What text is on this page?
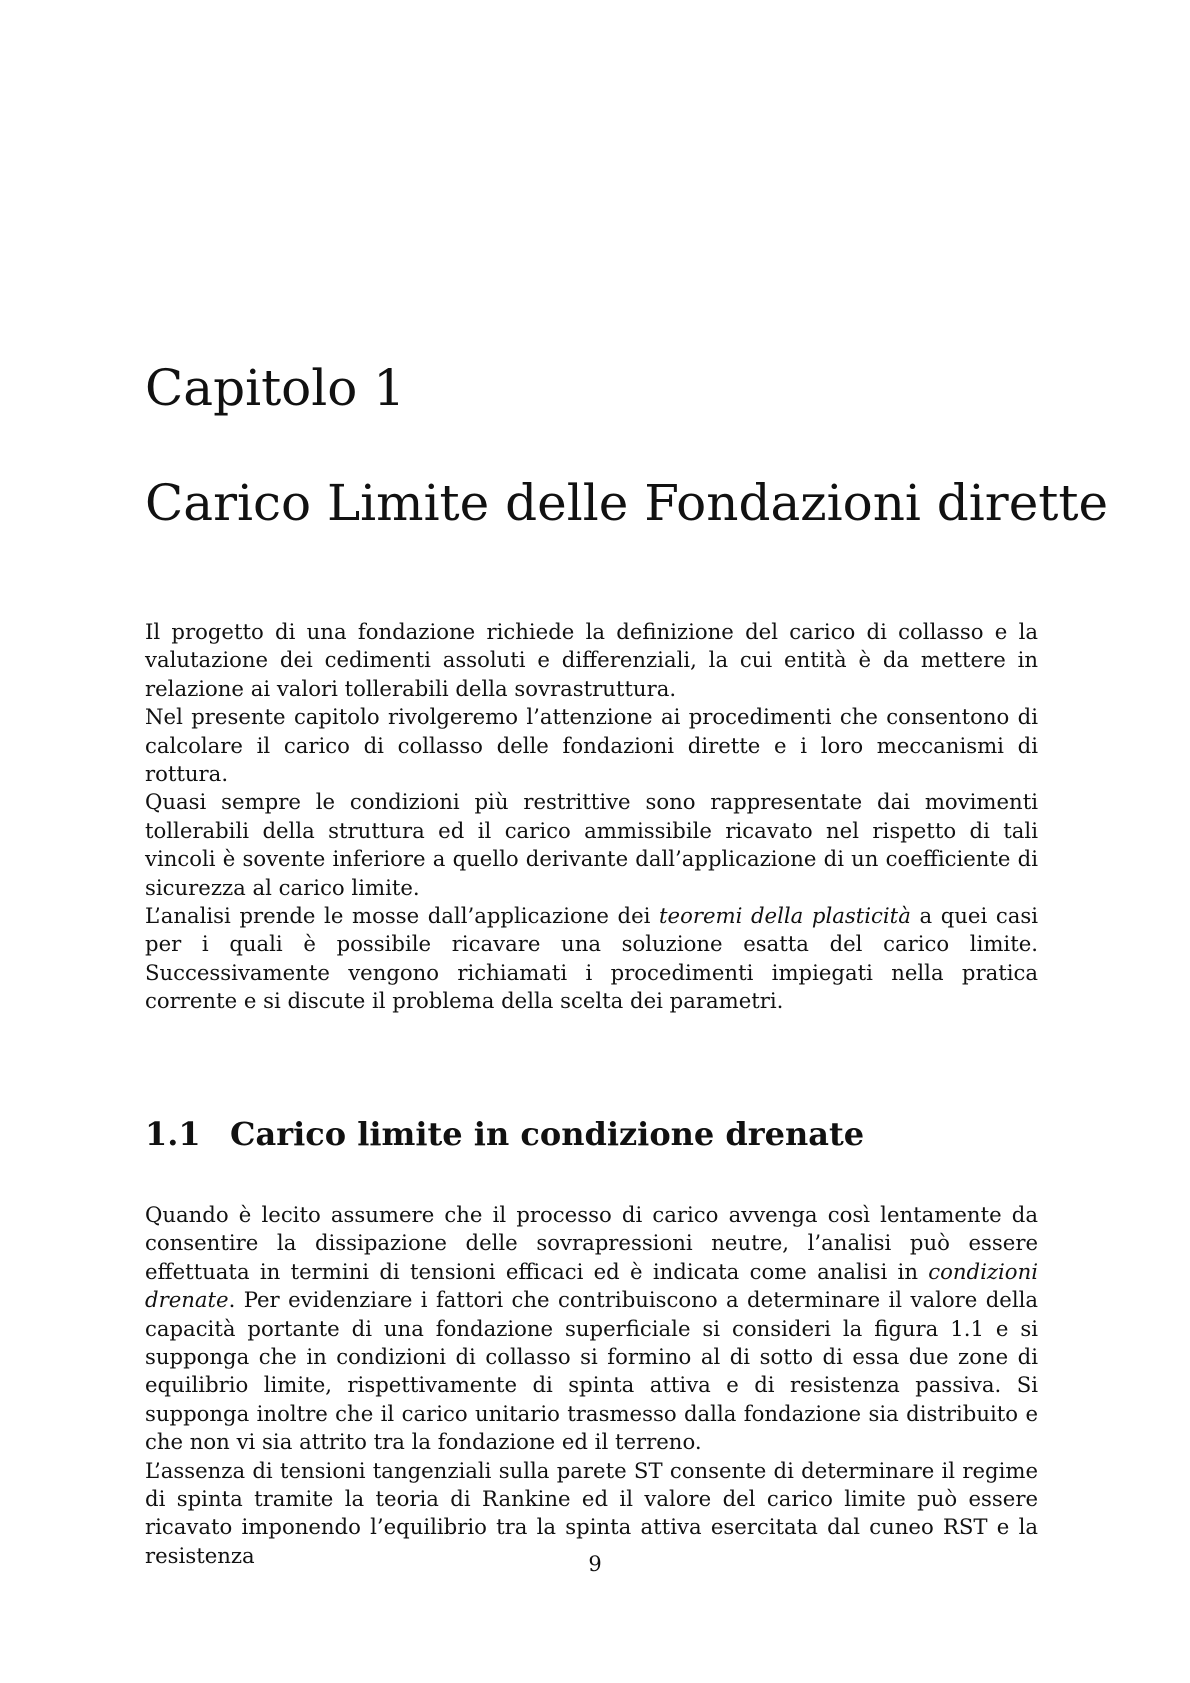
Capitolo 1
Carico Limite delle Fondazioni dirette

Il progetto di una fondazione richiede la definizione del carico di collasso e la valutazione dei cedimenti assoluti e differenziali, la cui entità è da mettere in relazione ai valori tollerabili della sovrastruttura.

Nel presente capitolo rivolgeremo l’attenzione ai procedimenti che consentono di calcolare il carico di collasso delle fondazioni dirette e i loro meccanismi di rottura.

Quasi sempre le condizioni più restrittive sono rappresentate dai movimenti tollerabili della struttura ed il carico ammissibile ricavato nel rispetto di tali vincoli è sovente inferiore a quello derivante dall’applicazione di un coefficiente di sicurezza al carico limite.

L’analisi prende le mosse dall’applicazione dei teoremi della plasticità a quei casi per i quali è possibile ricavare una soluzione esatta del carico limite. Successivamente vengono richiamati i procedimenti impiegati nella pratica corrente e si discute il problema della scelta dei parametri.

1.1 Carico limite in condizione drenate

Quando è lecito assumere che il processo di carico avvenga così lentamente da consentire la dissipazione delle sovrapressioni neutre, l’analisi può essere effettuata in termini di tensioni efficaci ed è indicata come analisi in condizioni drenate. Per evidenziare i fattori che contribuiscono a determinare il valore della capacità portante di una fondazione superficiale si consideri la figura 1.1 e si supponga che in condizioni di collasso si formino al di sotto di essa due zone di equilibrio limite, rispettivamente di spinta attiva e di resistenza passiva. Si supponga inoltre che il carico unitario trasmesso dalla fondazione sia distribuito e che non vi sia attrito tra la fondazione ed il terreno.

L’assenza di tensioni tangenziali sulla parete ST consente di determinare il regime di spinta tramite la teoria di Rankine ed il valore del carico limite può essere ricavato imponendo l’equilibrio tra la spinta attiva esercitata dal cuneo RST e la resistenza	9
